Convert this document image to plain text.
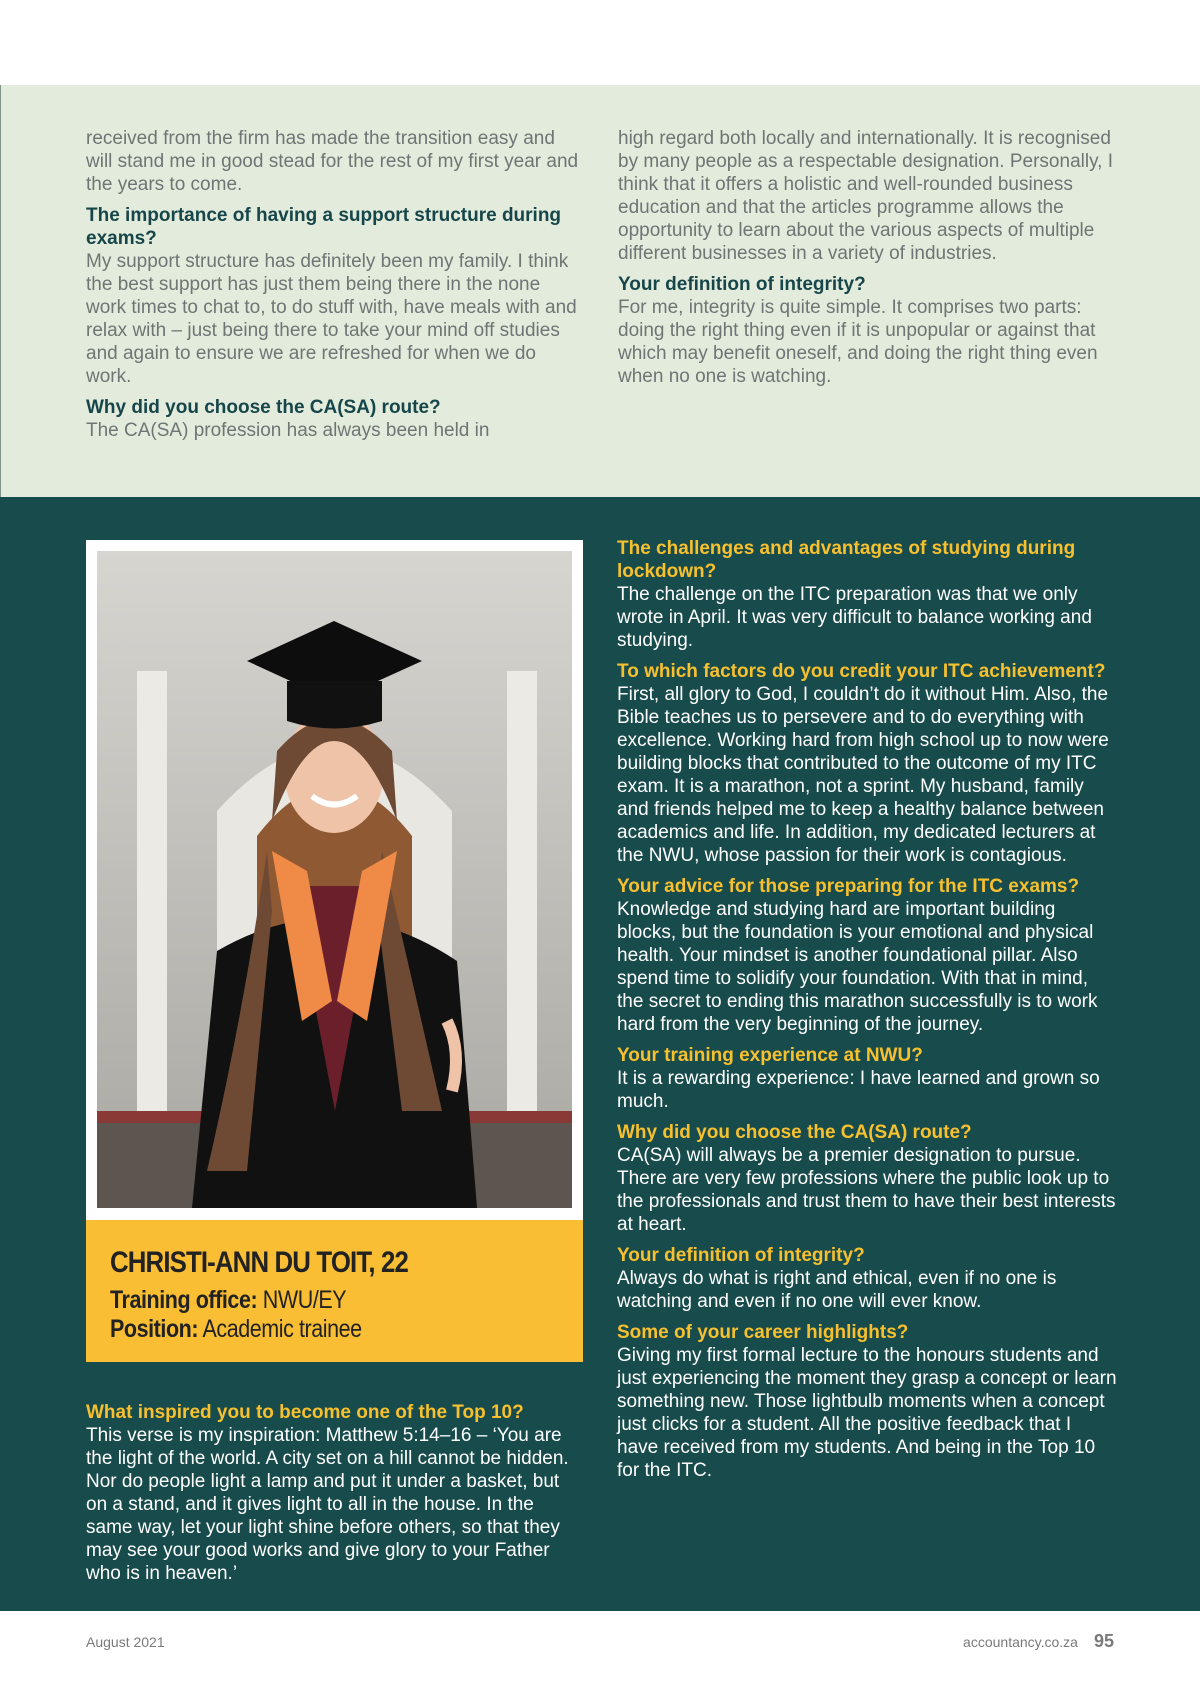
received from the firm has made the transition easy and will stand me in good stead for the rest of my first year and the years to come.

The importance of having a support structure during exams?

My support structure has definitely been my family. I think the best support has just them being there in the none work times to chat to, to do stuff with, have meals with and relax with – just being there to take your mind off studies and again to ensure we are refreshed for when we do work.

Why did you choose the CA(SA) route?

The CA(SA) profession has always been held in

high regard both locally and internationally. It is recognised by many people as a respectable designation. Personally, I think that it offers a holistic and well-rounded business education and that the articles programme allows the opportunity to learn about the various aspects of multiple different businesses in a variety of industries.

Your definition of integrity?

For me, integrity is quite simple. It comprises two parts: doing the right thing even if it is unpopular or against that which may benefit oneself, and doing the right thing even when no one is watching.

CHRISTI-ANN DU TOIT, 22

Training office: NWU/EY

Position: Academic trainee

What inspired you to become one of the Top 10?

This verse is my inspiration: Matthew 5:14–16 – ‘You are the light of the world. A city set on a hill cannot be hidden. Nor do people light a lamp and put it under a basket, but on a stand, and it gives light to all in the house. In the same way, let your light shine before others, so that they may see your good works and give glory to your Father who is in heaven.’

The challenges and advantages of studying during lockdown?

The challenge on the ITC preparation was that we only wrote in April. It was very difficult to balance working and studying.

To which factors do you credit your ITC achievement?

First, all glory to God, I couldn’t do it without Him. Also, the Bible teaches us to persevere and to do everything with excellence. Working hard from high school up to now were building blocks that contributed to the outcome of my ITC exam. It is a marathon, not a sprint. My husband, family and friends helped me to keep a healthy balance between academics and life. In addition, my dedicated lecturers at the NWU, whose passion for their work is contagious.

Your advice for those preparing for the ITC exams?

Knowledge and studying hard are important building blocks, but the foundation is your emotional and physical health. Your mindset is another foundational pillar. Also spend time to solidify your foundation. With that in mind, the secret to ending this marathon successfully is to work hard from the very beginning of the journey.

Your training experience at NWU?

It is a rewarding experience: I have learned and grown so much.

Why did you choose the CA(SA) route?

CA(SA) will always be a premier designation to pursue. There are very few professions where the public look up to the professionals and trust them to have their best interests at heart.

Your definition of integrity?

Always do what is right and ethical, even if no one is watching and even if no one will ever know.

Some of your career highlights?

Giving my first formal lecture to the honours students and just experiencing the moment they grasp a concept or learn something new. Those lightbulb moments when a concept just clicks for a student. All the positive feedback that I have received from my students. And being in the Top 10 for the ITC.

August 2021	accountancy.co.za 95
